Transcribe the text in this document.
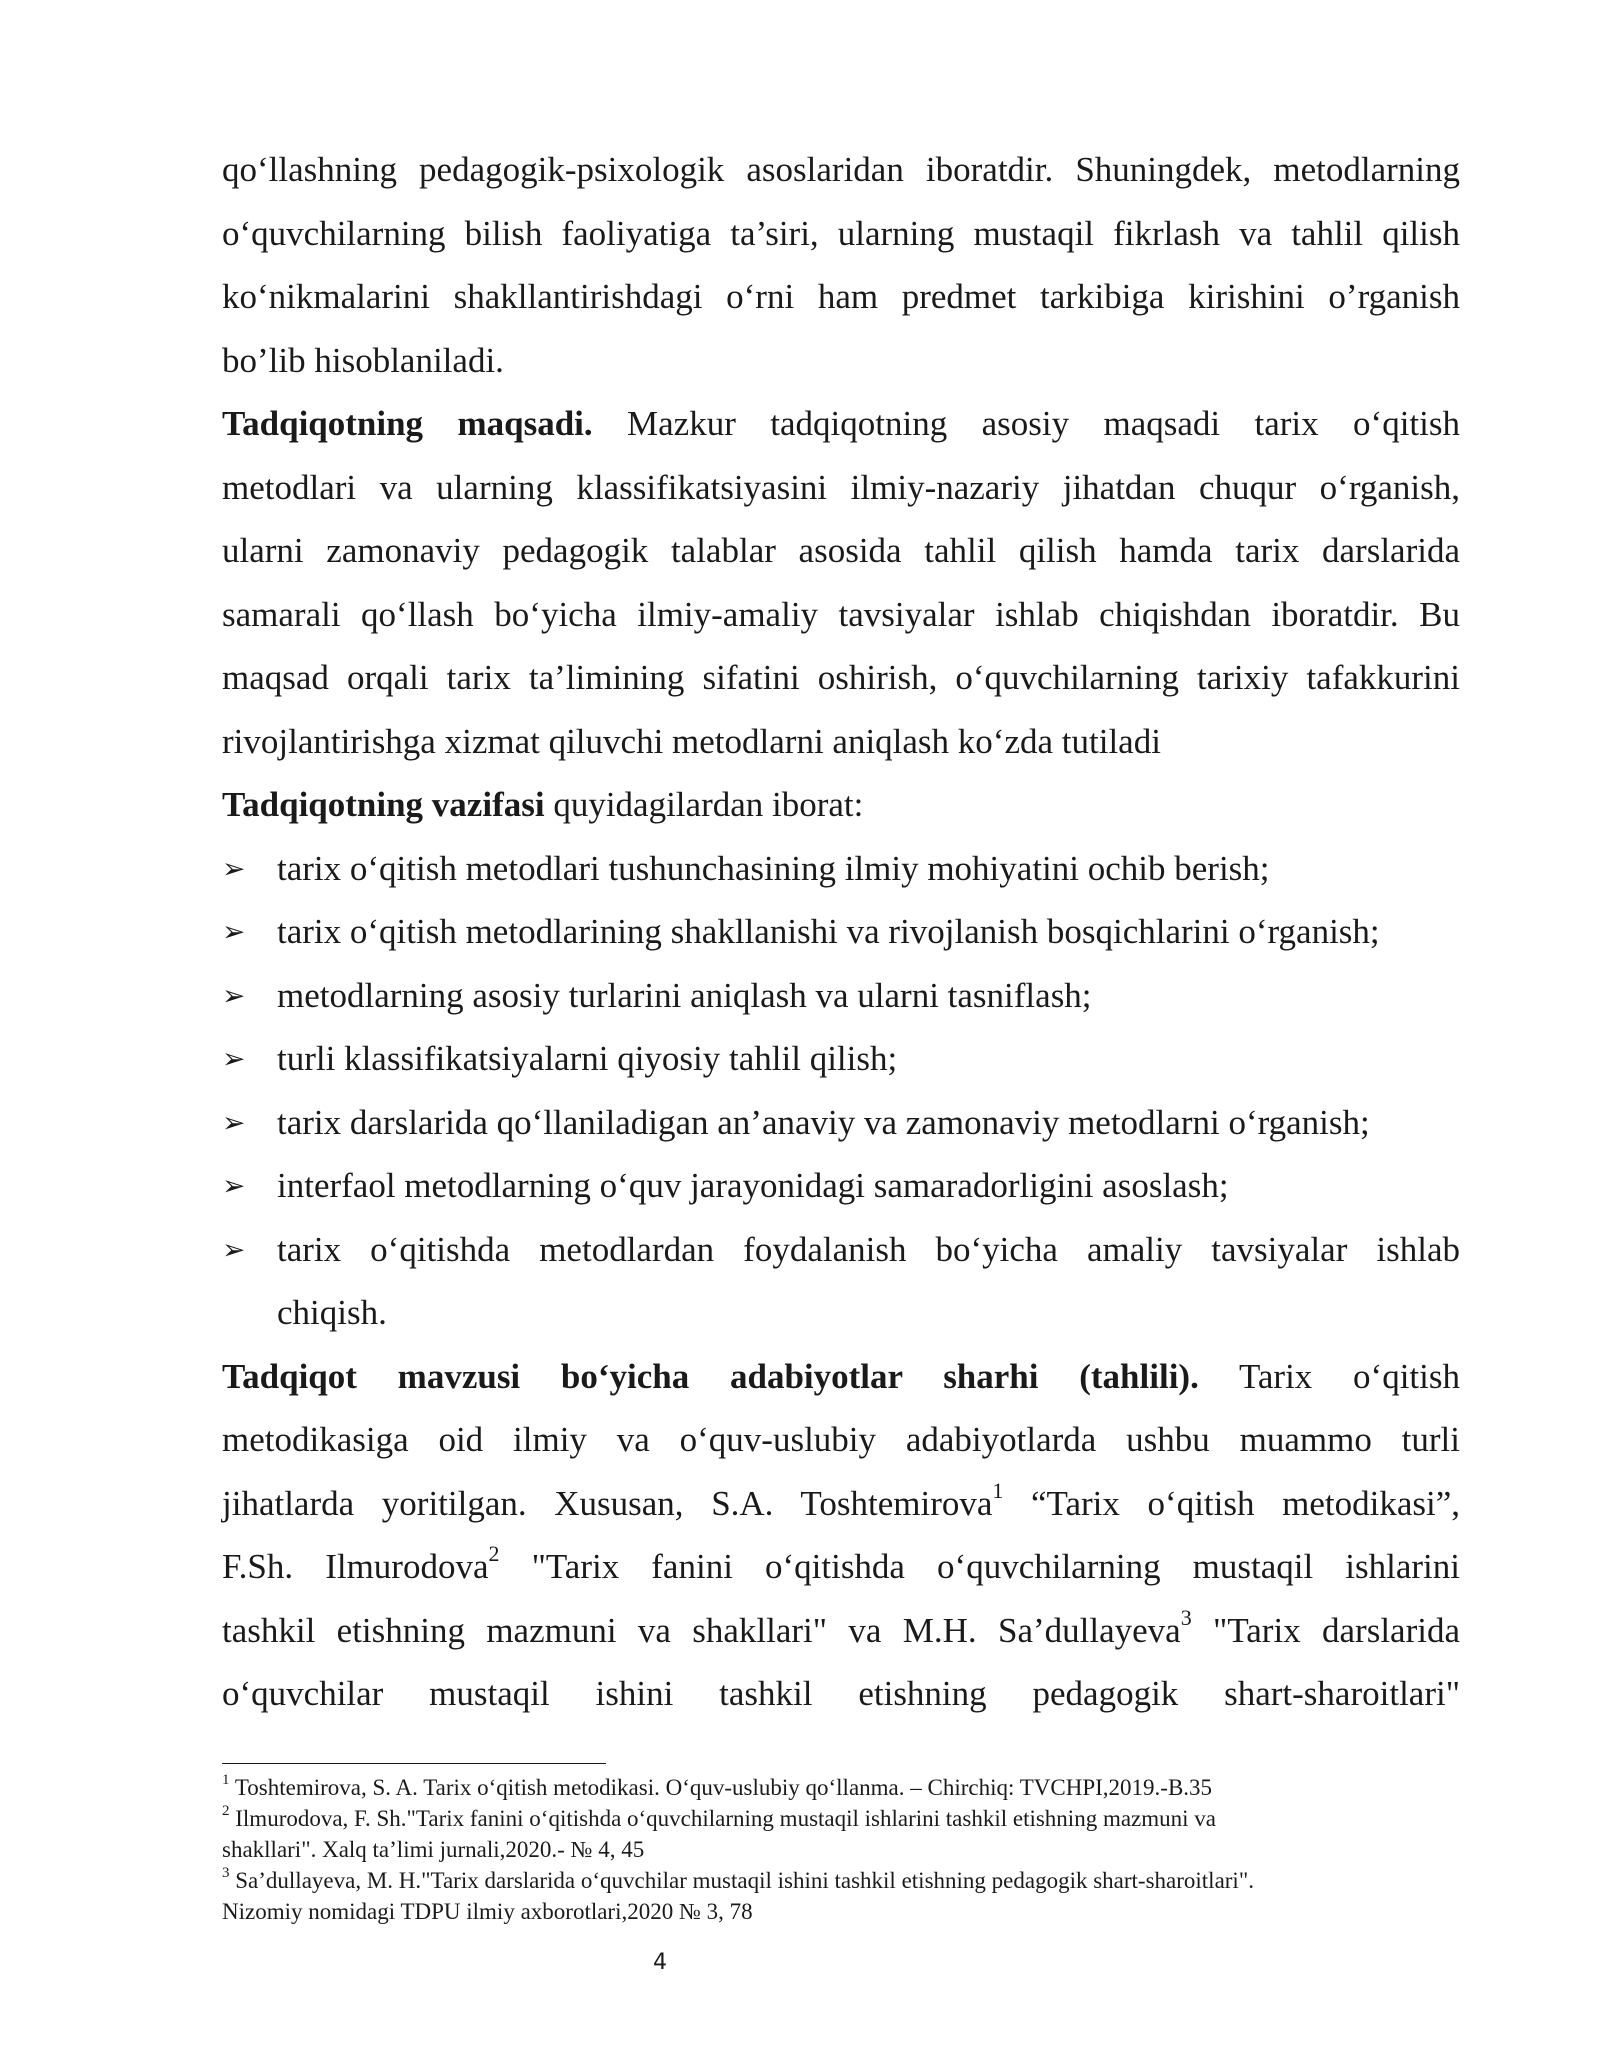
qo‘llashning pedagogik-psixologik asoslaridan iboratdir. Shuningdek, metodlarning
o‘quvchilarning bilish faoliyatiga ta’siri, ularning mustaqil fikrlash va tahlil qilish
ko‘nikmalarini shakllantirishdagi o‘rni ham predmet tarkibiga kirishini o’rganish
bo’lib hisoblaniladi.
Tadqiqotning maqsadi. Mazkur tadqiqotning asosiy maqsadi tarix o‘qitish
metodlari va ularning klassifikatsiyasini ilmiy-nazariy jihatdan chuqur o‘rganish,
ularni zamonaviy pedagogik talablar asosida tahlil qilish hamda tarix darslarida
samarali qo‘llash bo‘yicha ilmiy-amaliy tavsiyalar ishlab chiqishdan iboratdir. Bu
maqsad orqali tarix ta’limining sifatini oshirish, o‘quvchilarning tarixiy tafakkurini
rivojlantirishga xizmat qiluvchi metodlarni aniqlash ko‘zda tutiladi
Tadqiqotning vazifasi quyidagilardan iborat:
➢ tarix o‘qitish metodlari tushunchasining ilmiy mohiyatini ochib berish;
➢ tarix o‘qitish metodlarining shakllanishi va rivojlanish bosqichlarini o‘rganish;
➢ metodlarning asosiy turlarini aniqlash va ularni tasniflash;
➢ turli klassifikatsiyalarni qiyosiy tahlil qilish;
➢ tarix darslarida qo‘llaniladigan an’anaviy va zamonaviy metodlarni o‘rganish;
➢ interfaol metodlarning o‘quv jarayonidagi samaradorligini asoslash;
➢ tarix o‘qitishda metodlardan foydalanish bo‘yicha amaliy tavsiyalar ishlab
chiqish.
Tadqiqot mavzusi bo‘yicha adabiyotlar sharhi (tahlili). Tarix o‘qitish
metodikasiga oid ilmiy va o‘quv-uslubiy adabiyotlarda ushbu muammo turli
jihatlarda yoritilgan. Xususan, S.A. Toshtemirova$^1$ “Tarix o‘qitish metodikasi”,
F.Sh. Ilmurodova$^2$ "Tarix fanini o‘qitishda o‘quvchilarning mustaqil ishlarini
tashkil etishning mazmuni va shakllari" va M.H. Sa’dullayeva$^3$ "Tarix darslarida
o‘quvchilar mustaqil ishini tashkil etishning pedagogik shart-sharoitlari"
$^1$ Toshtemirova, S. A. Tarix o‘qitish metodikasi. O‘quv-uslubiy qo‘llanma. – Chirchiq: TVCHPI,2019.-B.35
$^2$ Ilmurodova, F. Sh."Tarix fanini o‘qitishda o‘quvchilarning mustaqil ishlarini tashkil etishning mazmuni va
shakllari". Xalq ta’limi jurnali,2020.- № 4, 45
$^3$ Sa’dullayeva, M. H."Tarix darslarida o‘quvchilar mustaqil ishini tashkil etishning pedagogik shart-sharoitlari".
Nizomiy nomidagi TDPU ilmiy axborotlari,2020 № 3, 78
4
